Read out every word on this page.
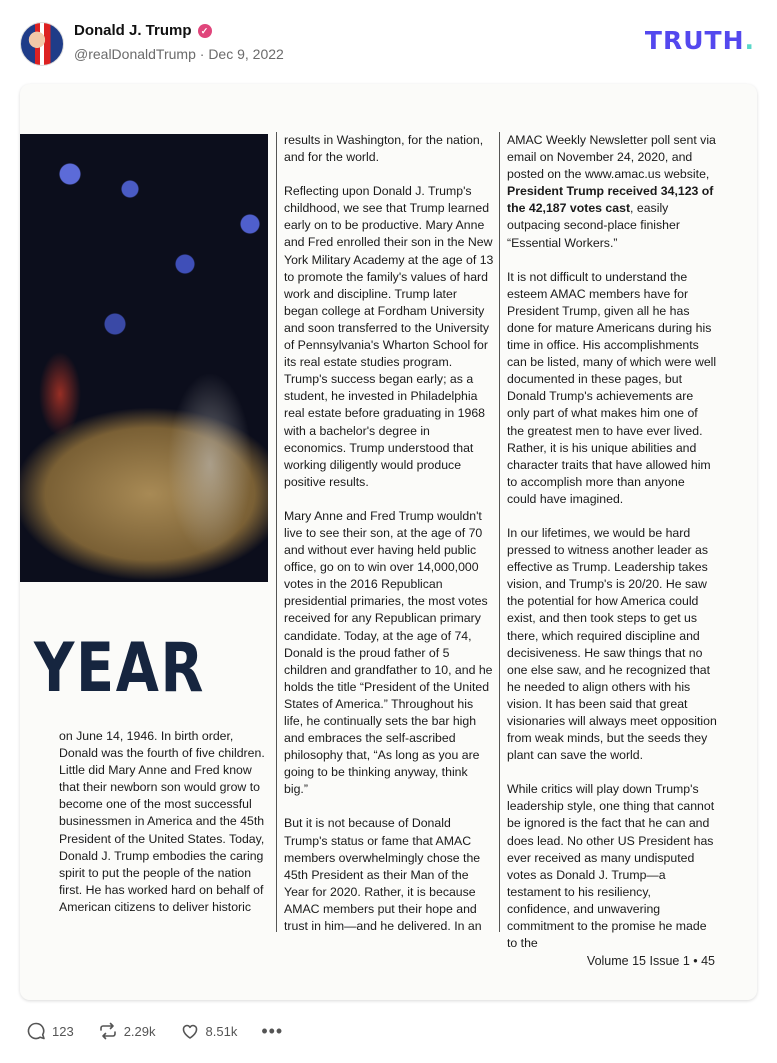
Donald J. Trump	✓
@realDonaldTrump · Dec 9, 2022	TRUTH.
YEAR

on June 14, 1946. In birth order, Donald was the fourth of five children. Little did Mary Anne and Fred know that their newborn son would grow to become one of the most successful businessmen in America and the 45th President of the United States. Today, Donald J. Trump embodies the caring spirit to put the people of the nation first. He has worked hard on behalf of American citizens to deliver historic

results in Washington, for the nation, and for the world.

Reflecting upon Donald J. Trump's childhood, we see that Trump learned early on to be productive. Mary Anne and Fred enrolled their son in the New York Military Academy at the age of 13 to promote the family's values of hard work and discipline. Trump later began college at Fordham University and soon transferred to the University of Pennsylvania's Wharton School for its real estate studies program. Trump's success began early; as a student, he invested in Philadelphia real estate before graduating in 1968 with a bachelor's degree in economics. Trump understood that working diligently would produce positive results.

Mary Anne and Fred Trump wouldn't live to see their son, at the age of 70 and without ever having held public office, go on to win over 14,000,000 votes in the 2016 Republican presidential primaries, the most votes received for any Republican primary candidate. Today, at the age of 74, Donald is the proud father of 5 children and grandfather to 10, and he holds the title “President of the United States of America.” Throughout his life, he continually sets the bar high and embraces the self-ascribed philosophy that, “As long as you are going to be thinking anyway, think big.”

But it is not because of Donald Trump's status or fame that AMAC members overwhelmingly chose the 45th President as their Man of the Year for 2020. Rather, it is because AMAC members put their hope and trust in him—and he delivered. In an

AMAC Weekly Newsletter poll sent via email on November 24, 2020, and posted on the www.amac.us website, President Trump received 34,123 of the 42,187 votes cast, easily outpacing second-place finisher “Essential Workers.”

It is not difficult to understand the esteem AMAC members have for President Trump, given all he has done for mature Americans during his time in office. His accomplishments can be listed, many of which were well documented in these pages, but Donald Trump's achievements are only part of what makes him one of the greatest men to have ever lived. Rather, it is his unique abilities and character traits that have allowed him to accomplish more than anyone could have imagined.

In our lifetimes, we would be hard pressed to witness another leader as effective as Trump. Leadership takes vision, and Trump's is 20/20. He saw the potential for how America could exist, and then took steps to get us there, which required discipline and decisiveness. He saw things that no one else saw, and he recognized that he needed to align others with his vision. It has been said that great visionaries will always meet opposition from weak minds, but the seeds they plant can save the world.

While critics will play down Trump's leadership style, one thing that cannot be ignored is the fact that he can and does lead. No other US President has ever received as many undisputed votes as Donald J. Trump—a testament to his resiliency, confidence, and unwavering commitment to the promise he made to the

Volume 15 Issue 1 • 45
123	2.29k	8.51k •••
